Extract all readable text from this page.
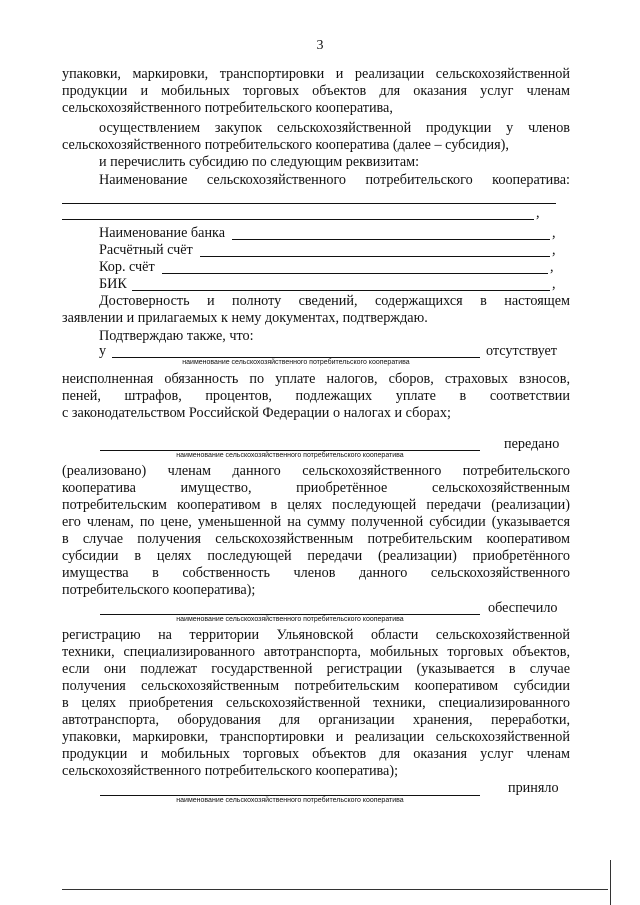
3
упаковки, маркировки, транспортировки и реализации сельскохозяйственной
продукции и мобильных торговых объектов для оказания услуг членам
сельскохозяйственного потребительского кооператива,
осуществлением закупок сельскохозяйственной продукции у членов
сельскохозяйственного потребительского кооператива (далее – субсидия),
и перечислить субсидию по следующим реквизитам:
Наименование сельскохозяйственного потребительского кооператива:
,
Наименование банка	,
Расчётный счёт	,
Кор. счёт	,
БИК	,
Достоверность и полноту сведений, содержащихся в настоящем
заявлении и прилагаемых к нему документах, подтверждаю.
Подтверждаю также, что:
у	отсутствует
наименование сельскохозяйственного потребительского кооператива
неисполненная обязанность по уплате налогов, сборов, страховых взносов,
пеней, штрафов, процентов, подлежащих уплате в соответствии
с законодательством Российской Федерации о налогах и сборах;
передано
наименование сельскохозяйственного потребительского кооператива
(реализовано) членам данного сельскохозяйственного потребительского
кооператива имущество, приобретённое сельскохозяйственным
потребительским кооперативом в целях последующей передачи (реализации)
его членам, по цене, уменьшенной на сумму полученной субсидии (указывается
в случае получения сельскохозяйственным потребительским кооперативом
субсидии в целях последующей передачи (реализации) приобретённого
имущества в собственность членов данного сельскохозяйственного
потребительского кооператива);
обеспечило
наименование сельскохозяйственного потребительского кооператива
регистрацию на территории Ульяновской области сельскохозяйственной
техники, специализированного автотранспорта, мобильных торговых объектов,
если они подлежат государственной регистрации (указывается в случае
получения сельскохозяйственным потребительским кооперативом субсидии
в целях приобретения сельскохозяйственной техники, специализированного
автотранспорта, оборудования для организации хранения, переработки,
упаковки, маркировки, транспортировки и реализации сельскохозяйственной
продукции и мобильных торговых объектов для оказания услуг членам
сельскохозяйственного потребительского кооператива);
приняло
наименование сельскохозяйственного потребительского кооператива
